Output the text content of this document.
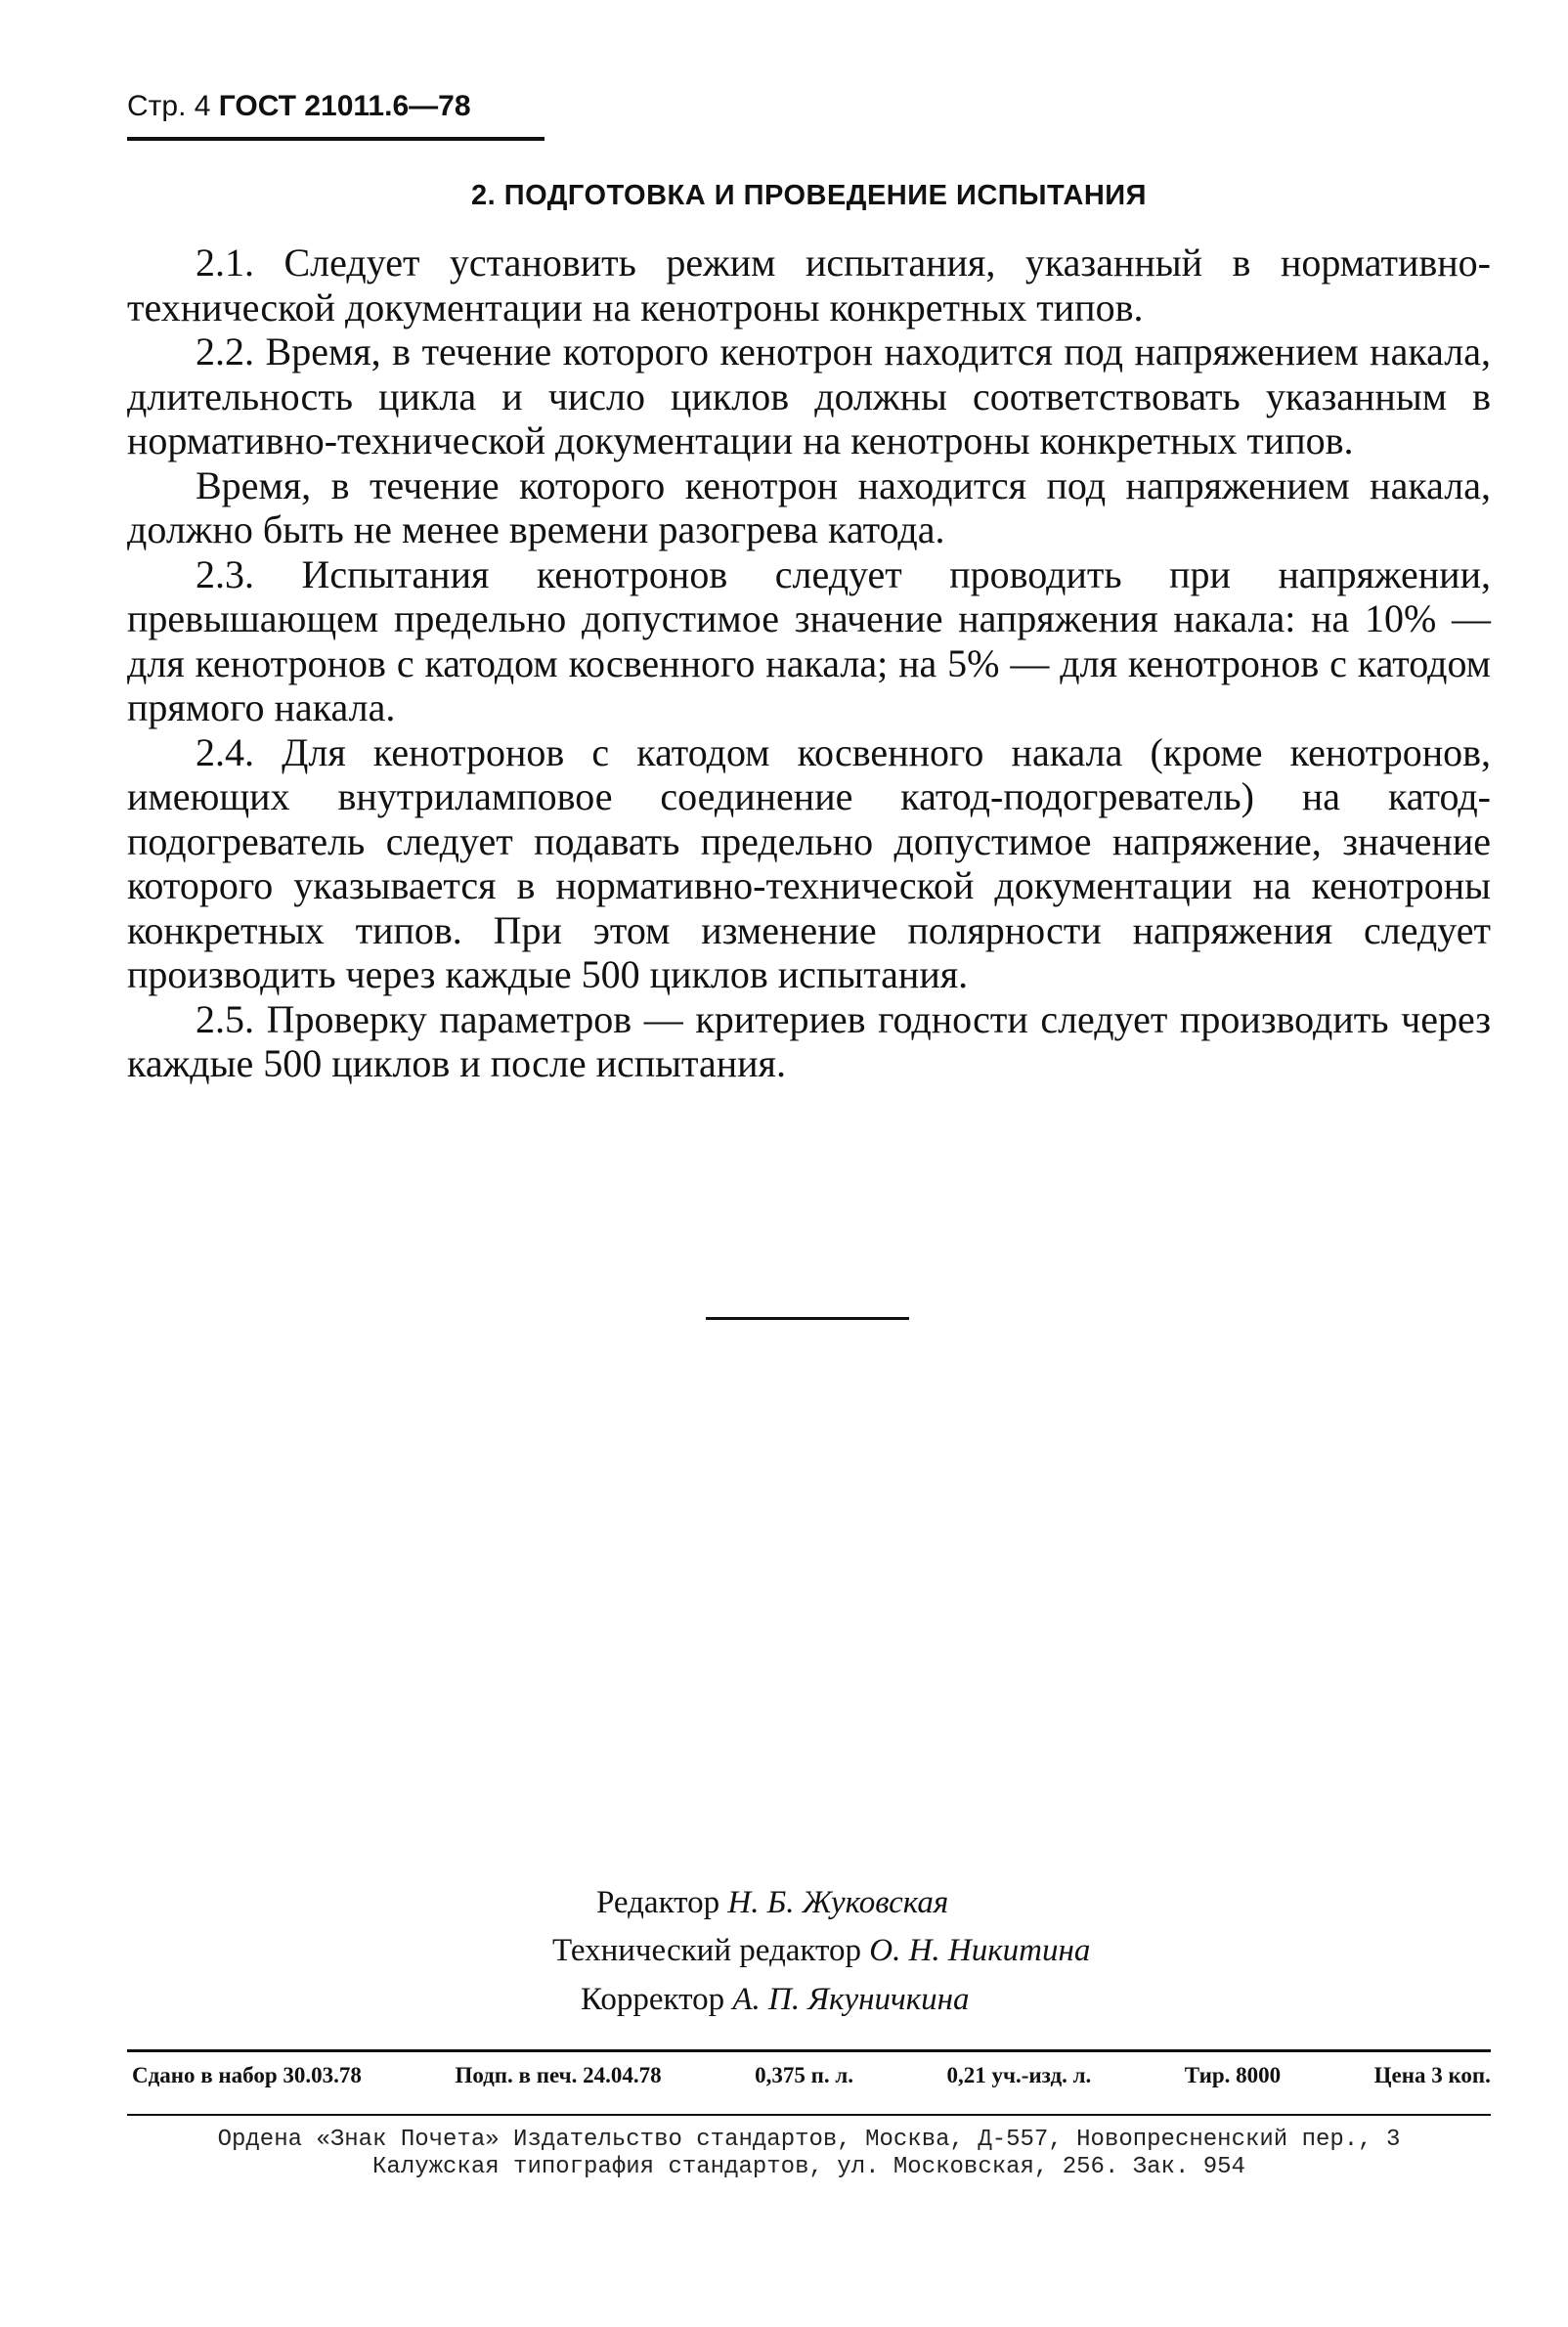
Стр. 4 ГОСТ 21011.6—78
2. ПОДГОТОВКА И ПРОВЕДЕНИЕ ИСПЫТАНИЯ

2.1. Следует установить режим испытания, указанный в нормативно-технической документации на кенотроны конкретных типов.

2.2. Время, в течение которого кенотрон находится под напряжением накала, длительность цикла и число циклов должны соответствовать указанным в нормативно-технической документации на кенотроны конкретных типов.

Время, в течение которого кенотрон находится под напряжением накала, должно быть не менее времени разогрева катода.

2.3. Испытания кенотронов следует проводить при напряжении, превышающем предельно допустимое значение напряжения накала: на 10% — для кенотронов с катодом косвенного накала; на 5% — для кенотронов с катодом прямого накала.

2.4. Для кенотронов с катодом косвенного накала (кроме кенотронов, имеющих внутриламповое соединение катод-подогреватель) на катод-подогреватель следует подавать предельно допустимое напряжение, значение которого указывается в нормативно-технической документации на кенотроны конкретных типов. При этом изменение полярности напряжения следует производить через каждые 500 циклов испытания.

2.5. Проверку параметров — критериев годности следует производить через каждые 500 циклов и после испытания.

Редактор Н. Б. Жуковская
Технический редактор О. Н. Никитина
Корректор А. П. Якуничкина
Сдано в набор 30.03.78	Подп. в печ. 24.04.78	0,375 п. л.	0,21 уч.-изд. л.	Тир. 8000	Цена 3 коп.
Ордена «Знак Почета» Издательство стандартов, Москва, Д-557, Новопресненский пер., 3
Калужская типография стандартов, ул. Московская, 256. Зак. 954
